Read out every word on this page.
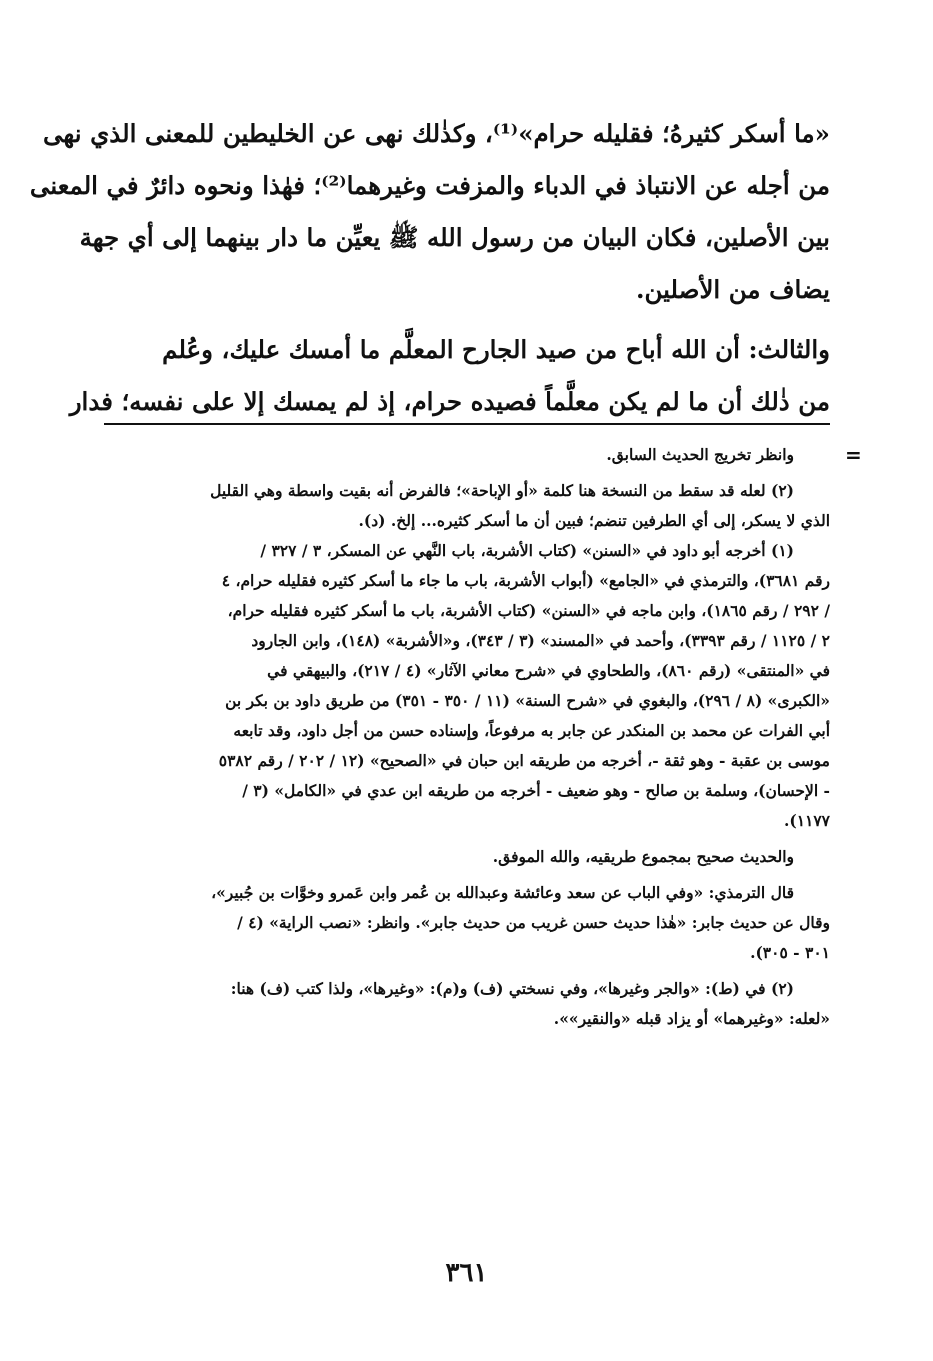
«ما أسكر كثيرهُ؛ فقليله حرام»⁽¹⁾، وكذٰلك نهى عن الخليطين للمعنى الذي نهى

من أجله عن الانتباذ في الدباء والمزفت وغيرهما⁽²⁾؛ فهٰذا ونحوه دائرٌ في المعنى

بين الأصلين، فكان البيان من رسول الله ﷺ يعيِّن ما دار بينهما إلى أي جهة

يضاف من الأصلين.

والثالث: أن الله أباح من صيد الجارح المعلَّم ما أمسك عليك، وعُلم

من ذٰلك أن ما لم يكن معلَّماً فصيده حرام، إذ لم يمسك إلا على نفسه؛ فدار

=

وانظر تخريج الحديث السابق.

(٢) لعله قد سقط من النسخة هنا كلمة «أو الإباحة»؛ فالفرض أنه بقيت واسطة وهي القليل

الذي لا يسكر، إلى أي الطرفين تنضم؛ فبين أن ما أسكر كثيره... إلخ. (د).

(١) أخرجه أبو داود في «السنن» (كتاب الأشربة، باب النَّهي عن المسكر، ٣ / ٣٢٧ /

رقم ٣٦٨١)، والترمذي في «الجامع» (أبواب الأشربة، باب ما جاء ما أسكر كثيره فقليله حرام، ٤

/ ٢٩٢ / رقم ١٨٦٥)، وابن ماجه في «السنن» (كتاب الأشربة، باب ما أسكر كثيره فقليله حرام،

٢ / ١١٢٥ / رقم ٣٣٩٣)، وأحمد في «المسند» (٣ / ٣٤٣)، و«الأشربة» (١٤٨)، وابن الجارود

في «المنتقى» (رقم ٨٦٠)، والطحاوي في «شرح معاني الآثار» (٤ / ٢١٧)، والبيهقي في

«الكبرى» (٨ / ٢٩٦)، والبغوي في «شرح السنة» (١١ / ٣٥٠ - ٣٥١) من طريق داود بن بكر بن

أبي الفرات عن محمد بن المنكدر عن جابر به مرفوعاً، وإسناده حسن من أجل داود، وقد تابعه

موسى بن عقبة - وهو ثقة -، أخرجه من طريقه ابن حبان في «الصحيح» (١٢ / ٢٠٢ / رقم ٥٣٨٢

- الإحسان)، وسلمة بن صالح - وهو ضعيف - أخرجه من طريقه ابن عدي في «الكامل» (٣ /

١١٧٧).

والحديث صحيح بمجموع طريقيه، والله الموفق.

قال الترمذي: «وفي الباب عن سعد وعائشة وعبدالله بن عُمر وابن عَمرو وخوَّات بن جُبير»،

وقال عن حديث جابر: «هٰذا حديث حسن غريب من حديث جابر». وانظر: «نصب الراية» (٤ /

٣٠١ - ٣٠٥).

(٢) في (ط): «والجر وغيرها»، وفي نسختي (ف) و(م): «وغيرها»، ولذا كتب (ف) هنا:

«لعله: «وغيرهما» أو يزاد قبله «والنقير»».

٣٦١
